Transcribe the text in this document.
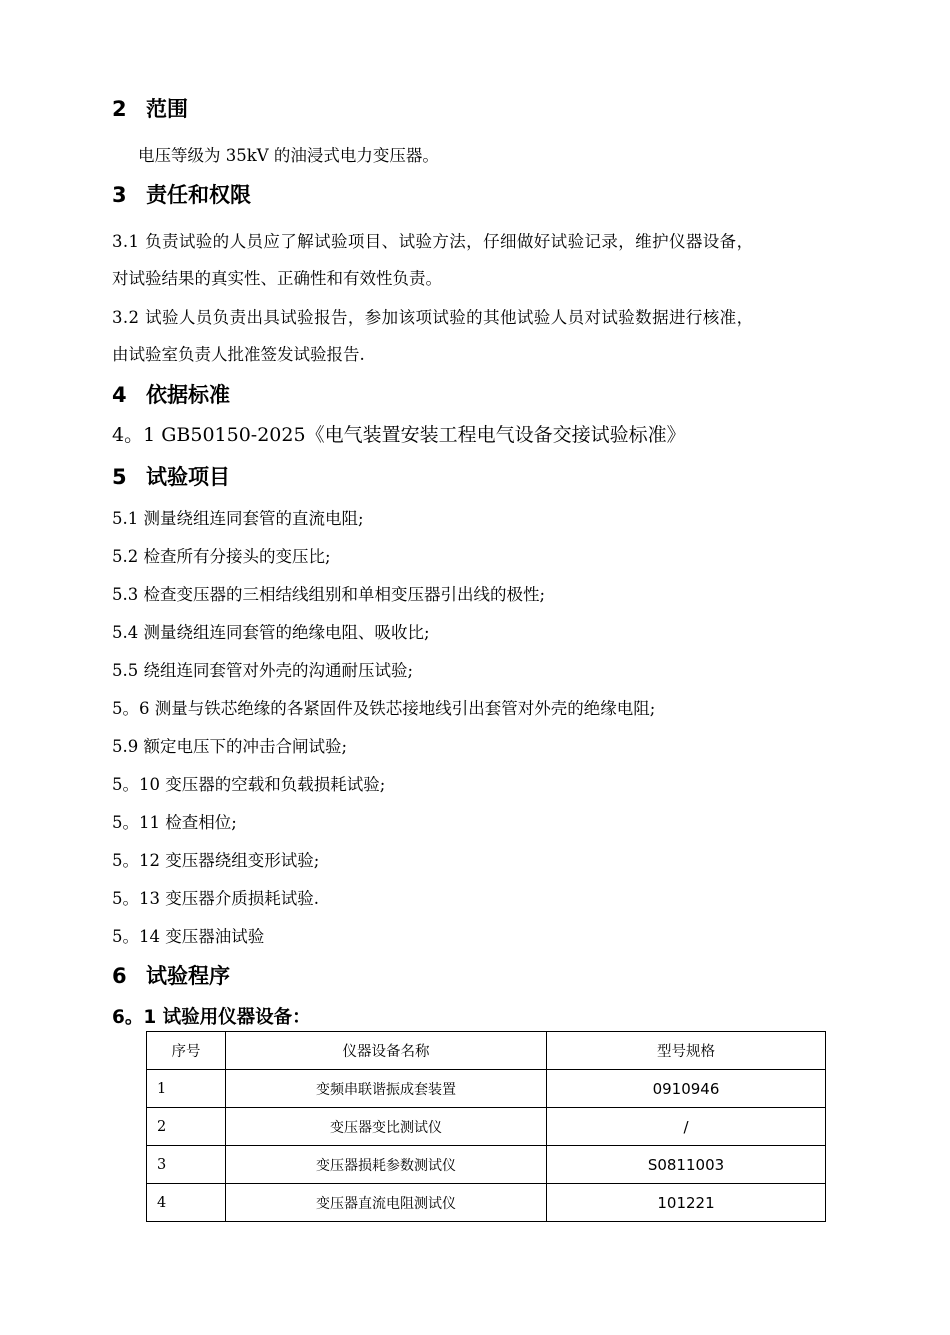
2 范围
电压等级为 35kV 的油浸式电力变压器。
3 责任和权限
3.1 负责试验的人员应了解试验项目、试验方法，仔细做好试验记录，维护仪器设备，
对试验结果的真实性、正确性和有效性负责。
3.2 试验人员负责出具试验报告，参加该项试验的其他试验人员对试验数据进行核准，
由试验室负责人批准签发试验报告.
4 依据标准
4。1 GB50150-2025《电气装置安装工程电气设备交接试验标准》
5 试验项目
5.1 测量绕组连同套管的直流电阻;
5.2 检查所有分接头的变压比;
5.3 检查变压器的三相结线组别和单相变压器引出线的极性;
5.4 测量绕组连同套管的绝缘电阻、吸收比;
5.5 绕组连同套管对外壳的沟通耐压试验;
5。6 测量与铁芯绝缘的各紧固件及铁芯接地线引出套管对外壳的绝缘电阻;
5.9 额定电压下的冲击合闸试验;
5。10 变压器的空载和负载损耗试验;
5。11 检查相位;
5。12 变压器绕组变形试验;
5。13 变压器介质损耗试验.
5。14 变压器油试验
6 试验程序
6。1 试验用仪器设备：
序号	仪器设备名称	型号规格
1	变频串联谐振成套装置	0910946
2	变压器变比测试仪	/
3	变压器损耗参数测试仪	S0811003
4	变压器直流电阻测试仪	101221
